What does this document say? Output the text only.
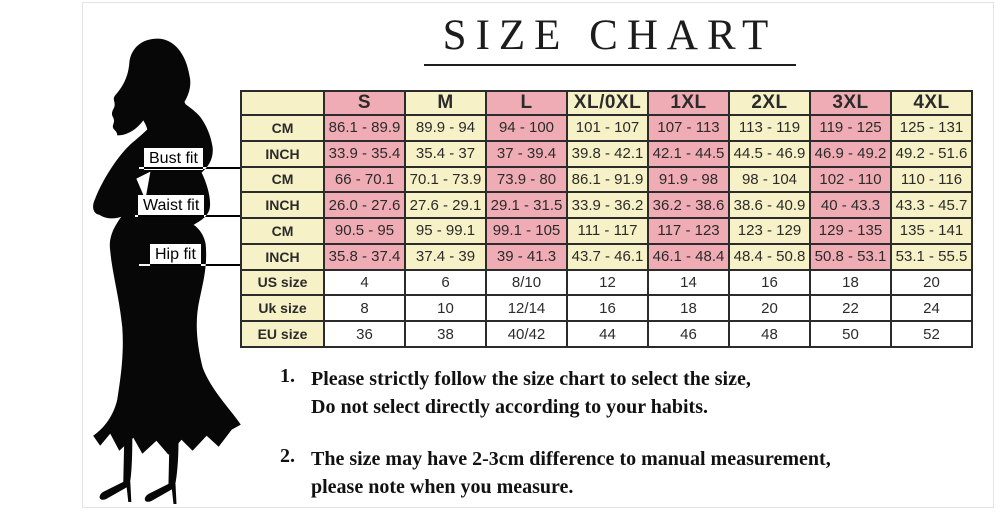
Bust fit
Waist fit
Hip fit
SIZE CHART
	S	M	L	XL/0XL	1XL	2XL	3XL	4XL
CM	86.1 - 89.9	89.9 - 94	94 - 100	101 - 107	107 - 113	113 - 119	119 - 125	125 - 131
INCH	33.9 - 35.4	35.4 - 37	37 - 39.4	39.8 - 42.1	42.1 - 44.5	44.5 - 46.9	46.9 - 49.2	49.2 - 51.6
CM	66 - 70.1	70.1 - 73.9	73.9 - 80	86.1 - 91.9	91.9 - 98	98 - 104	102 - 110	110 - 116
INCH	26.0 - 27.6	27.6 - 29.1	29.1 - 31.5	33.9 - 36.2	36.2 - 38.6	38.6 - 40.9	40 - 43.3	43.3 - 45.7
CM	90.5 - 95	95 - 99.1	99.1 - 105	111 - 117	117 - 123	123 - 129	129 - 135	135 - 141
INCH	35.8 - 37.4	37.4 - 39	39 - 41.3	43.7 - 46.1	46.1 - 48.4	48.4 - 50.8	50.8 - 53.1	53.1 - 55.5
US size	4	6	8/10	12	14	16	18	20
Uk size	8	10	12/14	16	18	20	22	24
EU size	36	38	40/42	44	46	48	50	52
1. Please strictly follow the size chart to select the size,
Do not select directly according to your habits.
2. The size may have 2-3cm difference to manual measurement,
please note when you measure.
